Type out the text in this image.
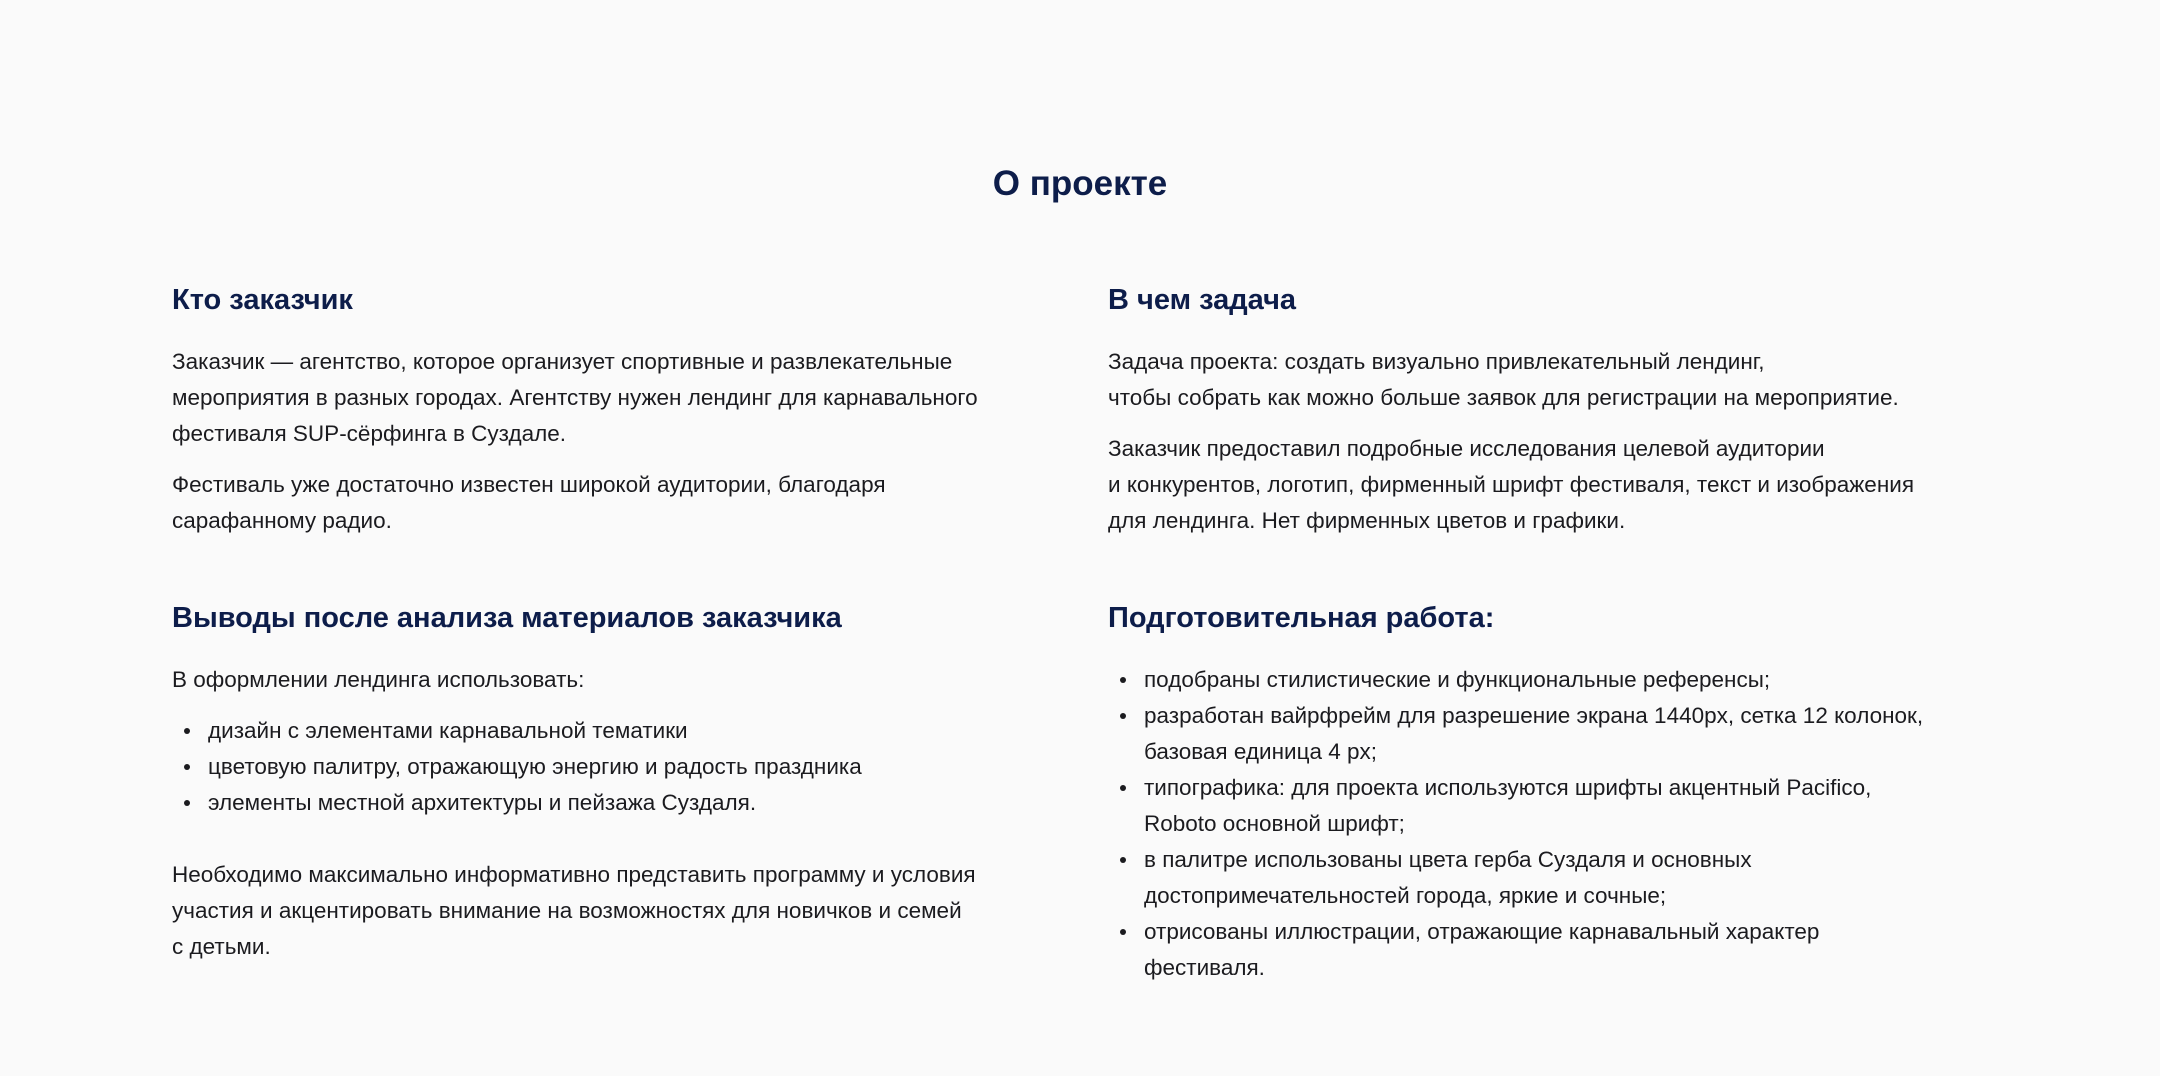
О проекте
Кто заказчик

Заказчик — агентство, которое организует спортивные и развлекательные
мероприятия в разных городах. Агентству нужен лендинг для карнавального
фестиваля SUP-сёрфинга в Суздале.

Фестиваль уже достаточно известен широкой аудитории, благодаря
сарафанному радио.

В чем задача

Задача проекта: создать визуально привлекательный лендинг,
чтобы собрать как можно больше заявок для регистрации на мероприятие.

Заказчик предоставил подробные исследования целевой аудитории
и конкурентов, логотип, фирменный шрифт фестиваля, текст и изображения
для лендинга. Нет фирменных цветов и графики.

Выводы после анализа материалов заказчика

В оформлении лендинга использовать:

дизайн с элементами карнавальной тематики
цветовую палитру, отражающую энергию и радость праздника
элементы местной архитектуры и пейзажа Суздаля.

Необходимо максимально информативно представить программу и условия
участия и акцентировать внимание на возможностях для новичков и семей
с детьми.

Подготовительная работа:
подобраны стилистические и функциональные референсы;
разработан вайрфрейм для разрешение экрана 1440px, сетка 12 колонок,
базовая единица 4 px;
типографика: для проекта используются шрифты акцентный Pacifico,
Roboto основной шрифт;
в палитре использованы цвета герба Суздаля и основных
достопримечательностей города, яркие и сочные;
отрисованы иллюстрации, отражающие карнавальный характер
фестиваля.
